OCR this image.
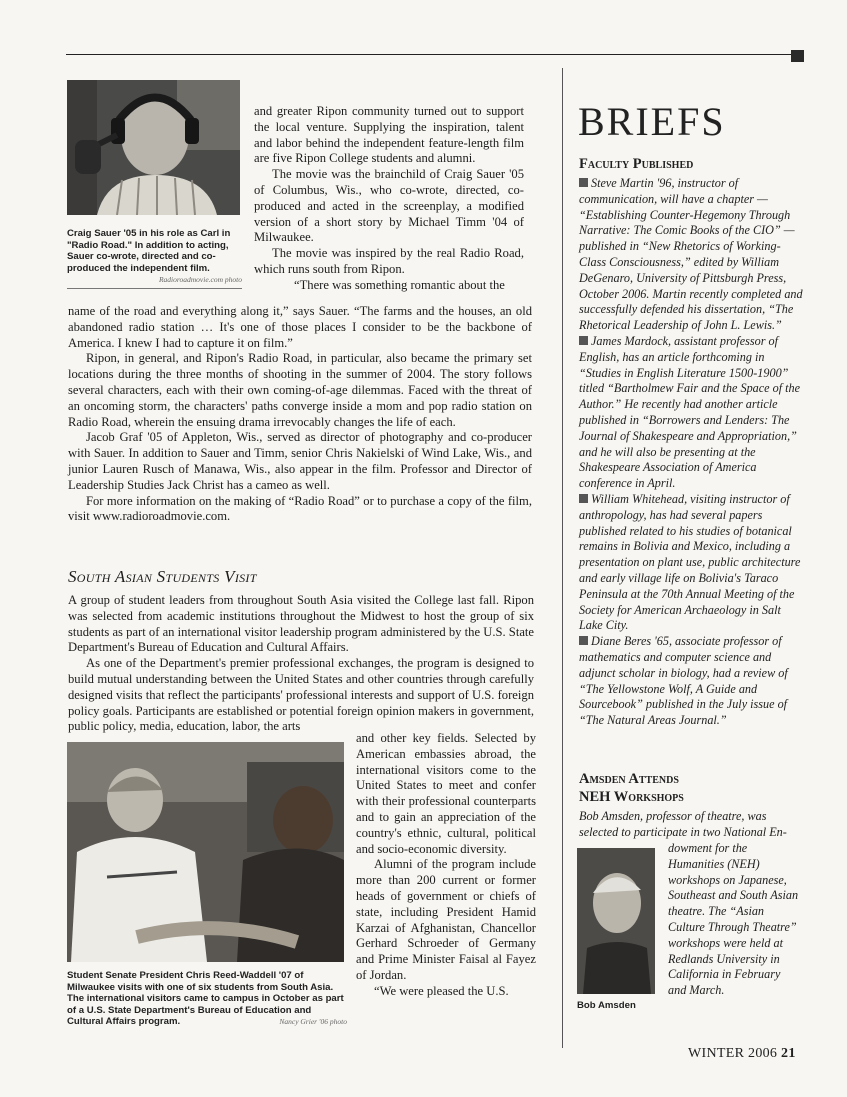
Craig Sauer '05 in his role as Carl in "Radio Road." In addition to acting, Sauer co-wrote, directed and co-produced the independent film.
Radioroadmovie.com photo

and greater Ripon community turned out to support the local venture. Supplying the inspiration, talent and labor behind the independent feature-length film are five Ripon College students and alumni.

The movie was the brainchild of Craig Sauer '05 of Columbus, Wis., who co-wrote, directed, co-produced and acted in the screenplay, a modified version of a short story by Michael Timm '04 of Milwaukee.

The movie was inspired by the real Radio Road, which runs south from Ripon.

“There was something romantic about the

name of the road and everything along it,” says Sauer. “The farms and the houses, an old abandoned radio station … It's one of those places I consider to be the backbone of America. I knew I had to capture it on film.”

Ripon, in general, and Ripon's Radio Road, in particular, also became the primary set locations during the three months of shooting in the summer of 2004. The story follows several characters, each with their own coming-of-age dilemmas. Faced with the threat of an oncoming storm, the characters' paths converge inside a mom and pop radio station on Radio Road, wherein the ensuing drama irrevocably changes the life of each.

Jacob Graf '05 of Appleton, Wis., served as director of photography and co-producer with Sauer. In addition to Sauer and Timm, senior Chris Nakielski of Wind Lake, Wis., and junior Lauren Rusch of Manawa, Wis., also appear in the film. Professor and Director of Leadership Studies Jack Christ has a cameo as well.

For more information on the making of “Radio Road” or to purchase a copy of the film, visit www.radioroadmovie.com.

South Asian Students Visit

A group of student leaders from throughout South Asia visited the College last fall. Ripon was selected from academic institutions throughout the Midwest to host the group of six students as part of an international visitor leadership program administered by the U.S. State Department's Bureau of Education and Cultural Affairs.

As one of the Department's premier professional exchanges, the program is designed to build mutual understanding between the United States and other countries through carefully designed visits that reflect the participants' professional interests and support of U.S. foreign policy goals. Participants are established or potential foreign opinion makers in government, public policy, media, education, labor, the arts

Student Senate President Chris Reed-Waddell '07 of Milwaukee visits with one of six students from South Asia. The international visitors came to campus in October as part of a U.S. State Department's Bureau of Education and Cultural Affairs program.	Nancy Grier '06 photo

and other key fields. Selected by American embassies abroad, the international visitors come to the United States to meet and confer with their professional counterparts and to gain an appreciation of the country's ethnic, cultural, political and socio-economic diversity.

Alumni of the program include more than 200 current or former heads of government or chiefs of state, including President Hamid Karzai of Afghanistan, Chancellor Gerhard Schroeder of Germany and Prime Minister Faisal al Fayez of Jordan.

“We were pleased the U.S.

BRIEFS
Faculty Published

Steve Martin '96, instructor of communication, will have a chapter — “Establishing Counter-Hegemony Through Narrative: The Comic Books of the CIO” — published in “New Rhetorics of Working-Class Consciousness,” edited by William DeGenaro, University of Pittsburgh Press, October 2006. Martin recently completed and successfully defended his dissertation, “The Rhetorical Leadership of John L. Lewis.”

James Mardock, assistant professor of English, has an article forthcoming in “Studies in English Literature 1500-1900” titled “Bartholmew Fair and the Space of the Author.” He recently had another article published in “Borrowers and Lenders: The Journal of Shakespeare and Appropriation,” and he will also be presenting at the Shakespeare Association of America conference in April.

William Whitehead, visiting instructor of anthropology, has had several papers published related to his studies of botanical remains in Bolivia and Mexico, including a presentation on plant use, public architecture and early village life on Bolivia's Taraco Peninsula at the 70th Annual Meeting of the Society for American Archaeology in Salt Lake City.

Diane Beres '65, associate professor of mathematics and computer science and adjunct scholar in biology, had a review of “The Yellowstone Wolf, A Guide and Sourcebook” published in the July issue of “The Natural Areas Journal.”

Amsden Attends
NEH Workshops
Bob Amsden, professor of theatre, was selected to participate in two National En-
Bob Amsden
dowment for the Humanities (NEH) workshops on Japanese, Southeast and South Asian theatre. The “Asian Culture Through Theatre” workshops were held at Redlands University in California in February and March.
WINTER 2006 21
